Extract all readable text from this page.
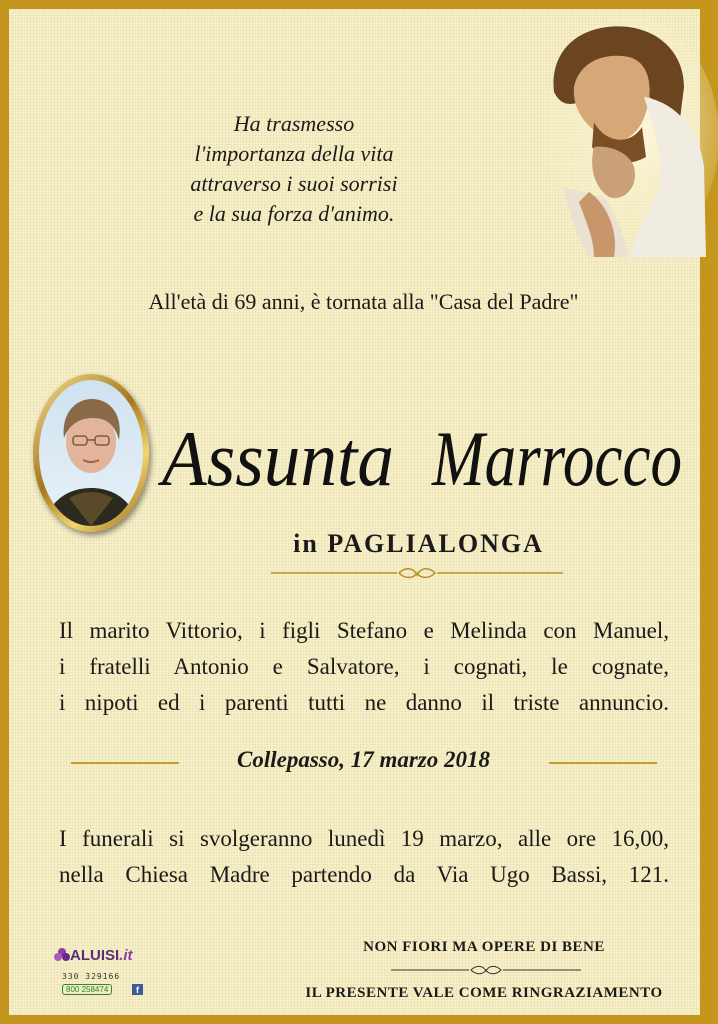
Ha trasmesso
l'importanza della vita
attraverso i suoi sorrisi
e la sua forza d'animo.
All'età di 69 anni, è tornata alla "Casa del Padre"
Assunta Marrocco
in PAGLIALONGA
Il marito Vittorio, i figli Stefano e Melinda con Manuel,
i fratelli Antonio e Salvatore, i cognati, le cognate,
i nipoti ed i parenti tutti ne danno il triste annuncio.
Collepasso, 17 marzo 2018
I funerali si svolgeranno lunedì 19 marzo, alle ore 16,00,
nella Chiesa Madre partendo da Via Ugo Bassi, 121.
ALUISI.it
330 329166
800 258474	f
NON FIORI MA OPERE DI BENE
IL PRESENTE VALE COME RINGRAZIAMENTO
